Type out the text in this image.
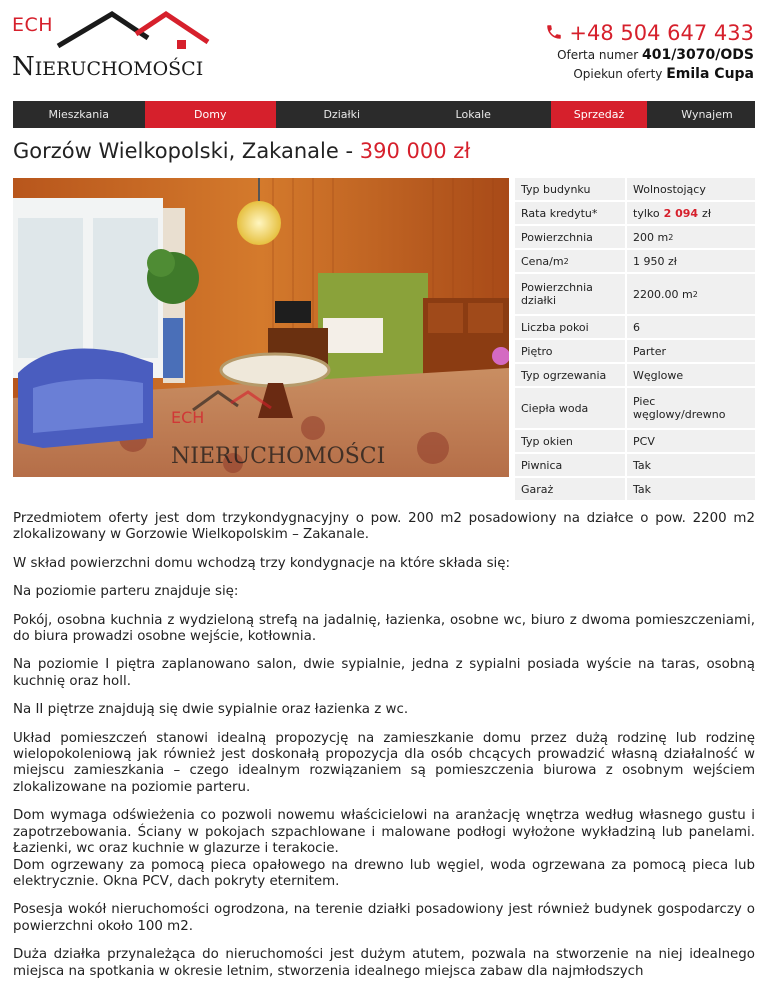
ECH
NIERUCHOMOŚCI
+48 504 647 433
Oferta numer 401/3070/ODS
Opiekun oferty Emila Cupa
Mieszkania	Domy	Działki	Lokale	Sprzedaż	Wynajem
Gorzów Wielkopolski, Zakanale - 390 000 zł
ECH
NIERUCHOMOŚCI
Typ budynku	Wolnostojący
Rata kredytu*	tylko 2 094 zł
Powierzchnia	200 m 2
Cena/m 2	1 950 zł
Powierzchnia działki	2200.00 m 2
Liczba pokoi	6
Piętro	Parter
Typ ogrzewania	Węglowe
Ciepła woda	Piec węglowy/drewno
Typ okien	PCV
Piwnica	Tak
Garaż	Tak

Przedmiotem oferty jest dom trzykondygnacyjny o pow. 200 m2 posadowiony na działce o pow. 2200 m2 zlokalizowany w Gorzowie Wielkopolskim – Zakanale.

W skład powierzchni domu wchodzą trzy kondygnacje na które składa się:

Na poziomie parteru znajduje się:

Pokój, osobna kuchnia z wydzieloną strefą na jadalnię, łazienka, osobne wc, biuro z dwoma pomieszczeniami, do biura prowadzi osobne wejście, kotłownia.

Na poziomie I piętra zaplanowano salon, dwie sypialnie, jedna z sypialni posiada wyście na taras, osobną kuchnię oraz holl.

Na II piętrze znajdują się dwie sypialnie oraz łazienka z wc.

Układ pomieszczeń stanowi idealną propozycję na zamieszkanie domu przez dużą rodzinę lub rodzinę wielopokoleniową jak również jest doskonałą propozycja dla osób chcących prowadzić własną działalność w miejscu zamieszkania – czego idealnym rozwiązaniem są pomieszczenia biurowa z osobnym wejściem zlokalizowane na poziomie parteru.

Dom wymaga odświeżenia co pozwoli nowemu właścicielowi na aranżację wnętrza według własnego gustu i zapotrzebowania. Ściany w pokojach szpachlowane i malowane podłogi wyłożone wykładziną lub panelami. Łazienki, wc oraz kuchnie w glazurze i terakocie.

Dom ogrzewany za pomocą pieca opałowego na drewno lub węgiel, woda ogrzewana za pomocą pieca lub elektrycznie. Okna PCV, dach pokryty eternitem.

Posesja wokół nieruchomości ogrodzona, na terenie działki posadowiony jest również budynek gospodarczy o powierzchni około 100 m2.

Duża działka przynależąca do nieruchomości jest dużym atutem, pozwala na stworzenie na niej idealnego miejsca na spotkania w okresie letnim, stworzenia idealnego miejsca zabaw dla najmłodszych
